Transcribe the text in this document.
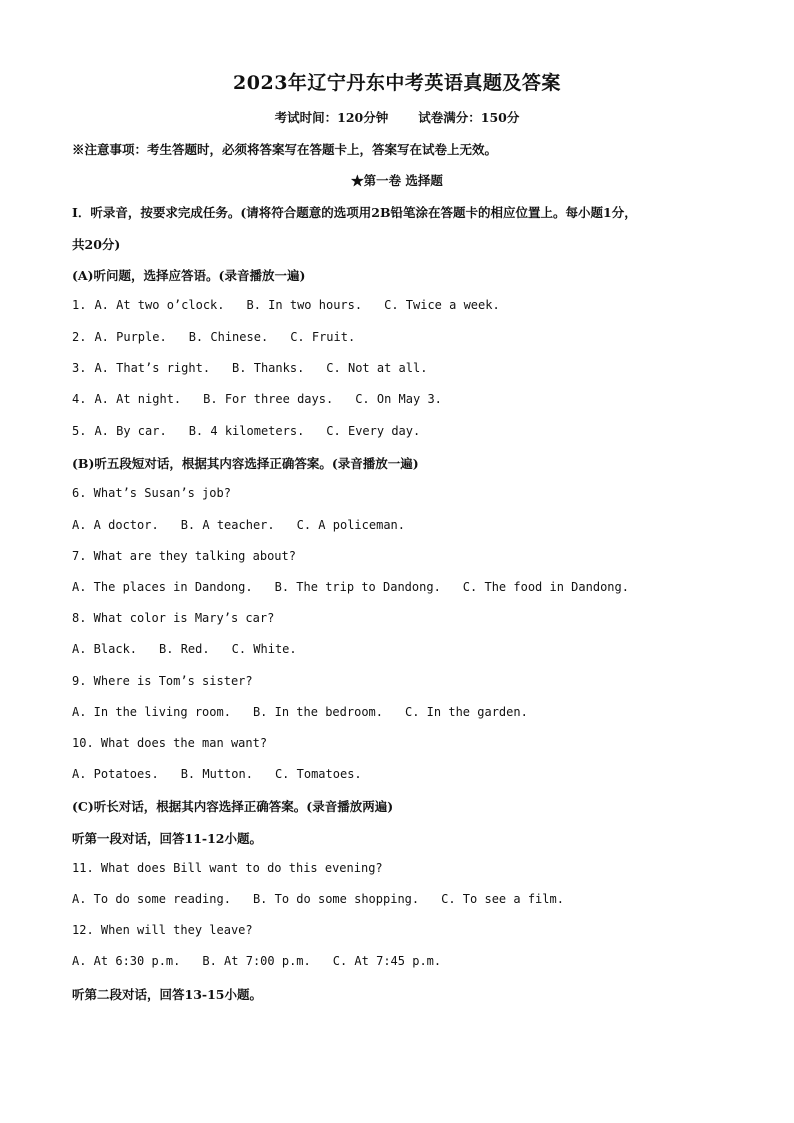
2023年辽宁丹东中考英语真题及答案
考试时间：120分钟 试卷满分：150分
※注意事项：考生答题时，必须将答案写在答题卡上，答案写在试卷上无效。
★第一卷 选择题
Ⅰ．听录音，按要求完成任务。(请将符合题意的选项用2B铅笔涂在答题卡的相应位置上。每小题1分，
共20分)
(A)听问题，选择应答语。(录音播放一遍)
1. A. At two o’clock. B. In two hours. C. Twice a week.
2. A. Purple. B. Chinese. C. Fruit.
3. A. That’s right. B. Thanks. C. Not at all.
4. A. At night. B. For three days. C. On May 3.
5. A. By car. B. 4 kilometers. C. Every day.
(B)听五段短对话，根据其内容选择正确答案。(录音播放一遍)
6. What’s Susan’s job?
A. A doctor. B. A teacher. C. A policeman.
7. What are they talking about?
A. The places in Dandong. B. The trip to Dandong. C. The food in Dandong.
8. What color is Mary’s car?
A. Black. B. Red. C. White.
9. Where is Tom’s sister?
A. In the living room. B. In the bedroom. C. In the garden.
10. What does the man want?
A. Potatoes. B. Mutton. C. Tomatoes.
(C)听长对话，根据其内容选择正确答案。(录音播放两遍)
听第一段对话，回答11-12小题。
11. What does Bill want to do this evening?
A. To do some reading. B. To do some shopping. C. To see a film.
12. When will they leave?
A. At 6:30 p.m. B. At 7:00 p.m. C. At 7:45 p.m.
听第二段对话，回答13-15小题。
